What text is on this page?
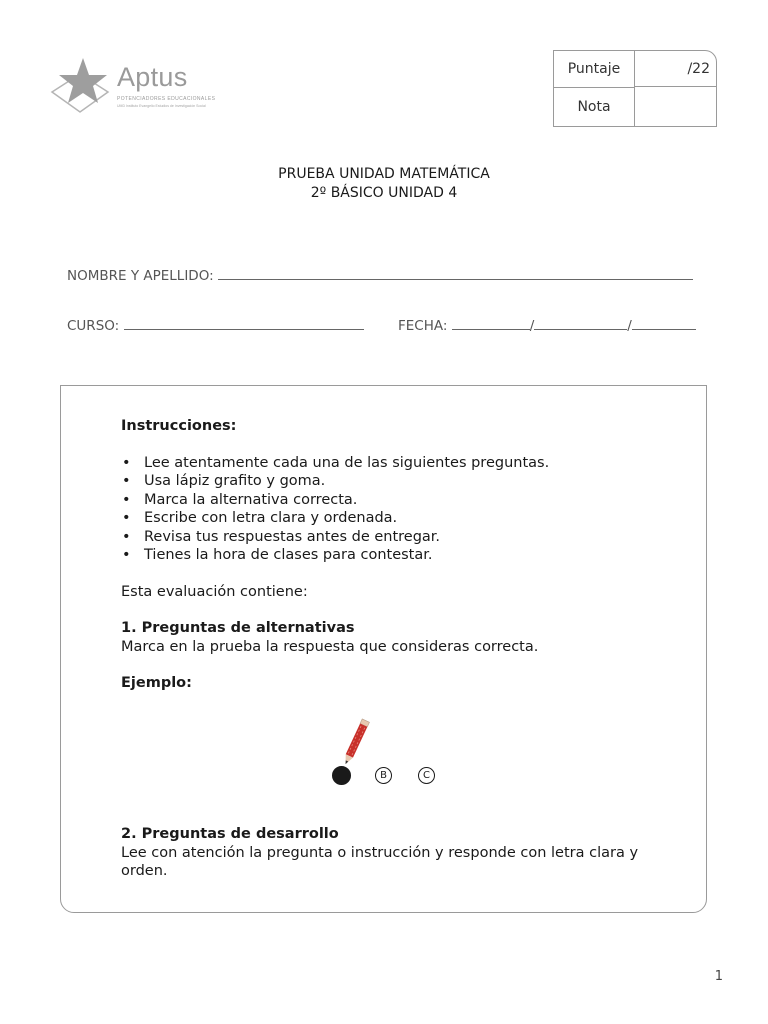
Aptus
POTENCIADORES EDUCACIONALES
UMD Instituto Evangelio Estudios de Investigación Social
Puntaje	/22
Nota
PRUEBA UNIDAD MATEMÁTICA
2º BÁSICO UNIDAD 4
NOMBRE Y APELLIDO:
CURSO:	FECHA:	/	/

Instrucciones:

• Lee atentamente cada una de las siguientes preguntas.
• Usa lápiz grafito y goma.
• Marca la alternativa correcta.
• Escribe con letra clara y ordenada.
• Revisa tus respuestas antes de entregar.
• Tienes la hora de clases para contestar.

Esta evaluación contiene:

1. Preguntas de alternativas

Marca en la prueba la respuesta que consideras correcta.

Ejemplo:

B	C

2. Preguntas de desarrollo

Lee con atención la pregunta o instrucción y responde con letra clara y orden.

1
